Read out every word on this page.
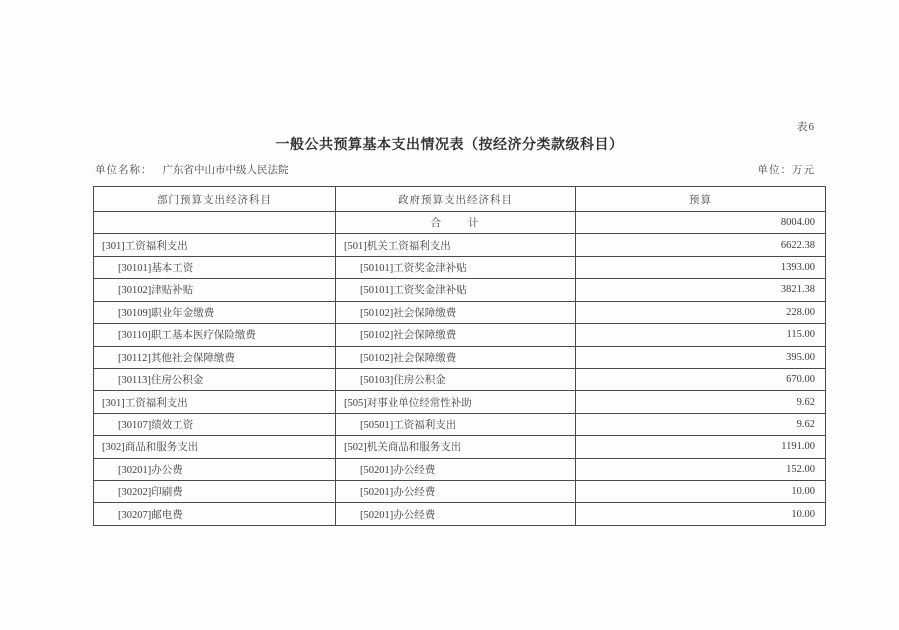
表6
一般公共预算基本支出情况表（按经济分类款级科目）
单位名称： 广东省中山市中级人民法院	单位：万元
部门预算支出经济科目	政府预算支出经济科目	预算
	合　　计	8004.00
[301]工资福利支出	[501]机关工资福利支出	6622.38
[30101]基本工资	[50101]工资奖金津补贴	1393.00
[30102]津贴补贴	[50101]工资奖金津补贴	3821.38
[30109]职业年金缴费	[50102]社会保障缴费	228.00
[30110]职工基本医疗保险缴费	[50102]社会保障缴费	115.00
[30112]其他社会保障缴费	[50102]社会保障缴费	395.00
[30113]住房公积金	[50103]住房公积金	670.00
[301]工资福利支出	[505]对事业单位经常性补助	9.62
[30107]绩效工资	[50501]工资福利支出	9.62
[302]商品和服务支出	[502]机关商品和服务支出	1191.00
[30201]办公费	[50201]办公经费	152.00
[30202]印刷费	[50201]办公经费	10.00
[30207]邮电费	[50201]办公经费	10.00
